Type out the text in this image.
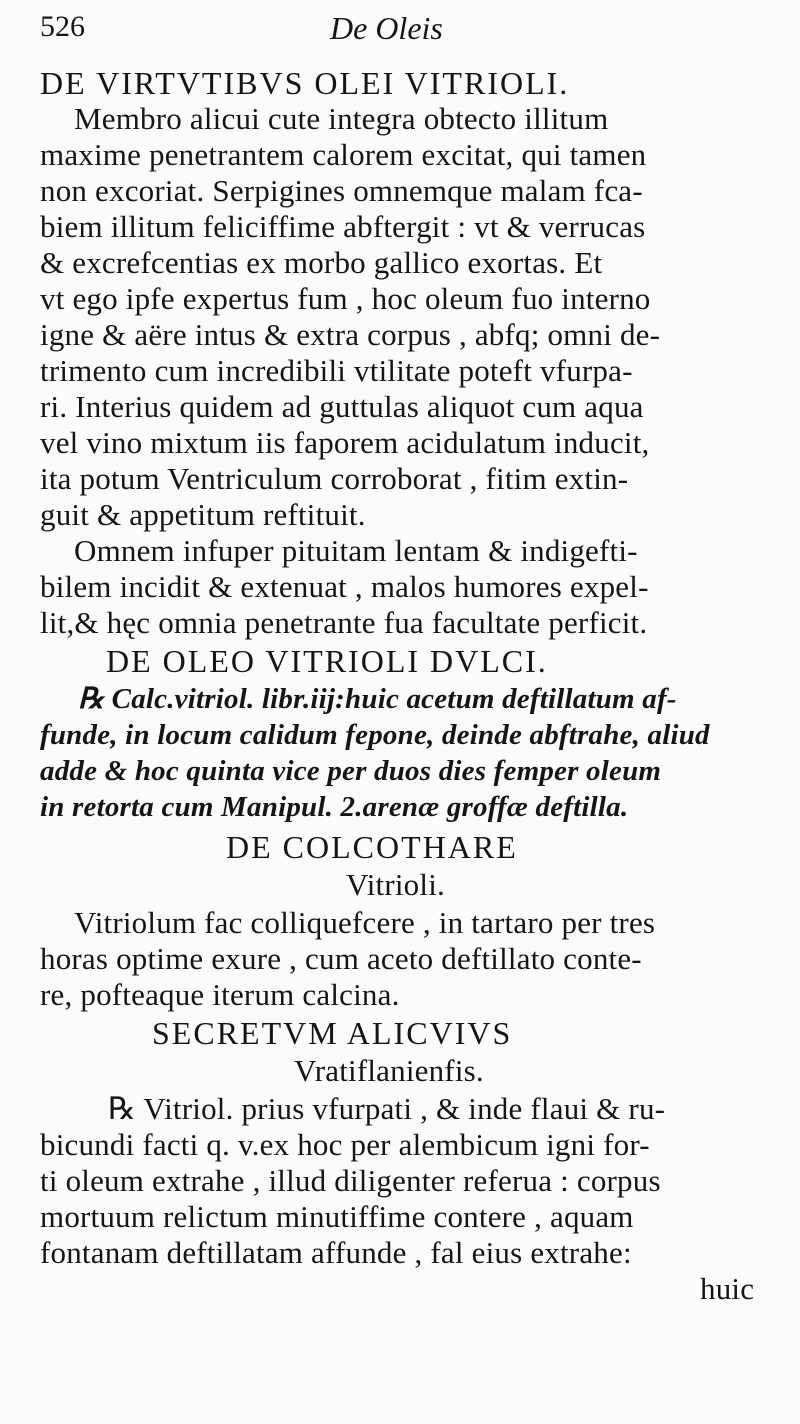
526	De Oleis
DE VIRTVTIBVS OLEI VITRIOLI.
Membro alicui cute integra obtecto illitum
maxime penetrantem calorem excitat, qui tamen
non excoriat. Serpigines omnemque malam fca-
biem illitum feliciffime abftergit : vt & verrucas
& excrefcentias ex morbo gallico exortas. Et
vt ego ipfe expertus fum , hoc oleum fuo interno
igne & aëre intus & extra corpus , abfq; omni de-
trimento cum incredibili vtilitate poteft vfurpa-
ri. Interius quidem ad guttulas aliquot cum aqua
vel vino mixtum iis faporem acidulatum inducit,
ita potum Ventriculum corroborat , fitim extin-
guit & appetitum reftituit.
Omnem infuper pituitam lentam & indigefti-
bilem incidit & extenuat , malos humores expel-
lit,& hęc omnia penetrante fua facultate perficit.
DE OLEO VITRIOLI DVLCI.
℞ Calc.vitriol. libr.iij:huic acetum deftillatum af-
funde, in locum calidum fepone, deinde abftrahe, aliud
adde & hoc quinta vice per duos dies femper oleum
in retorta cum Manipul. 2.arenæ groffæ deftilla.
DE COLCOTHARE
Vitrioli.
Vitriolum fac colliquefcere , in tartaro per tres
horas optime exure , cum aceto deftillato conte-
re, pofteaque iterum calcina.
SECRETVM ALICVIVS
Vratiflanienfis.
℞ Vitriol. prius vfurpati , & inde flaui & ru-
bicundi facti q. v.ex hoc per alembicum igni for-
ti oleum extrahe , illud diligenter referua : corpus
mortuum relictum minutiffime contere , aquam
fontanam deftillatam affunde , fal eius extrahe:
huic
